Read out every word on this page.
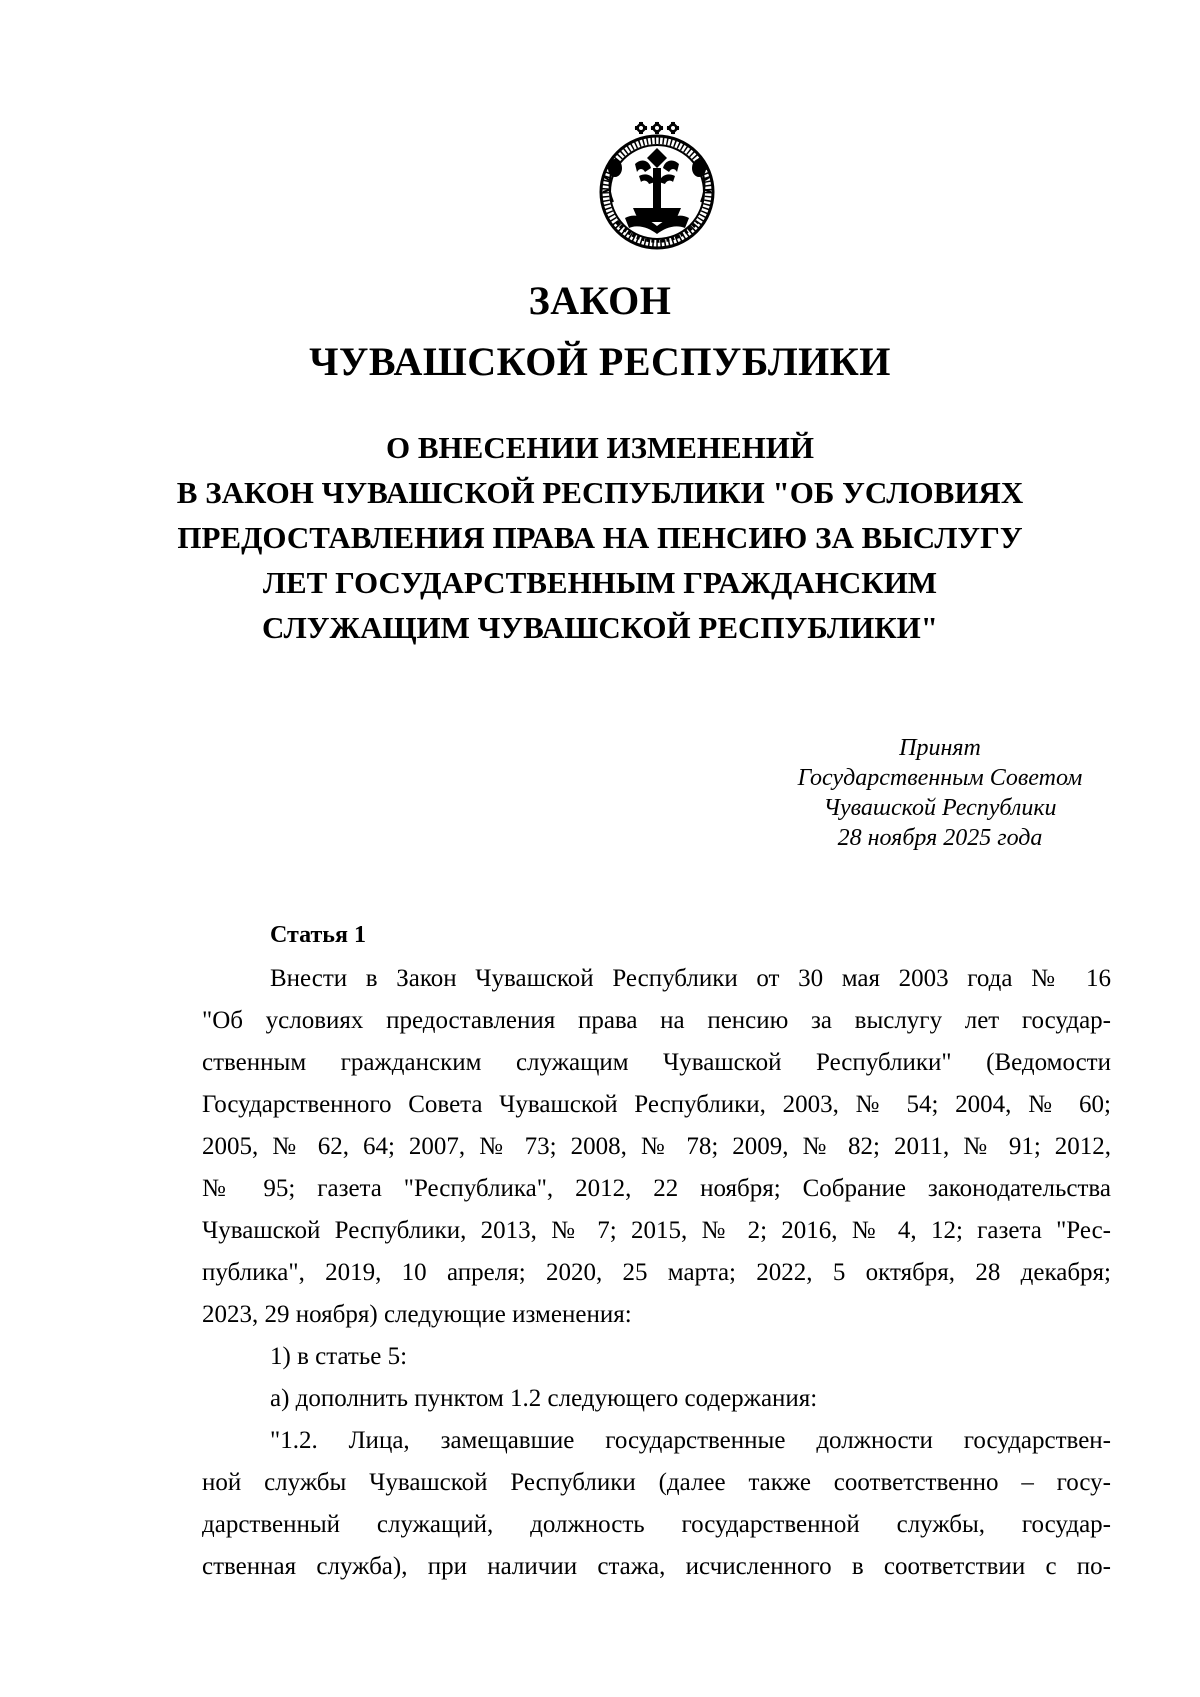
ЗАКОН
ЧУВАШСКОЙ РЕСПУБЛИКИ
О ВНЕСЕНИИ ИЗМЕНЕНИЙ
В ЗАКОН ЧУВАШСКОЙ РЕСПУБЛИКИ "ОБ УСЛОВИЯХ
ПРЕДОСТАВЛЕНИЯ ПРАВА НА ПЕНСИЮ ЗА ВЫСЛУГУ
ЛЕТ ГОСУДАРСТВЕННЫМ ГРАЖДАНСКИМ
СЛУЖАЩИМ ЧУВАШСКОЙ РЕСПУБЛИКИ"
Принят
Государственным Советом
Чувашской Республики
28 ноября 2025 года
Статья 1
Внести в Закон Чувашской Республики от 30 мая 2003 года № 16
"Об условиях предоставления права на пенсию за выслугу лет государ-
ственным гражданским служащим Чувашской Республики" (Ведомости
Государственного Совета Чувашской Республики, 2003, № 54; 2004, № 60;
2005, № 62, 64; 2007, № 73; 2008, № 78; 2009, № 82; 2011, № 91; 2012,
№ 95; газета "Республика", 2012, 22 ноября; Собрание законодательства
Чувашской Республики, 2013, № 7; 2015, № 2; 2016, № 4, 12; газета "Рес-
публика", 2019, 10 апреля; 2020, 25 марта; 2022, 5 октября, 28 декабря;
2023, 29 ноября) следующие изменения:
1) в статье 5:
а) дополнить пунктом 1.2 следующего содержания:
"1.2. Лица, замещавшие государственные должности государствен-
ной службы Чувашской Республики (далее также соответственно – госу-
дарственный служащий, должность государственной службы, государ-
ственная служба), при наличии стажа, исчисленного в соответствии с по-
